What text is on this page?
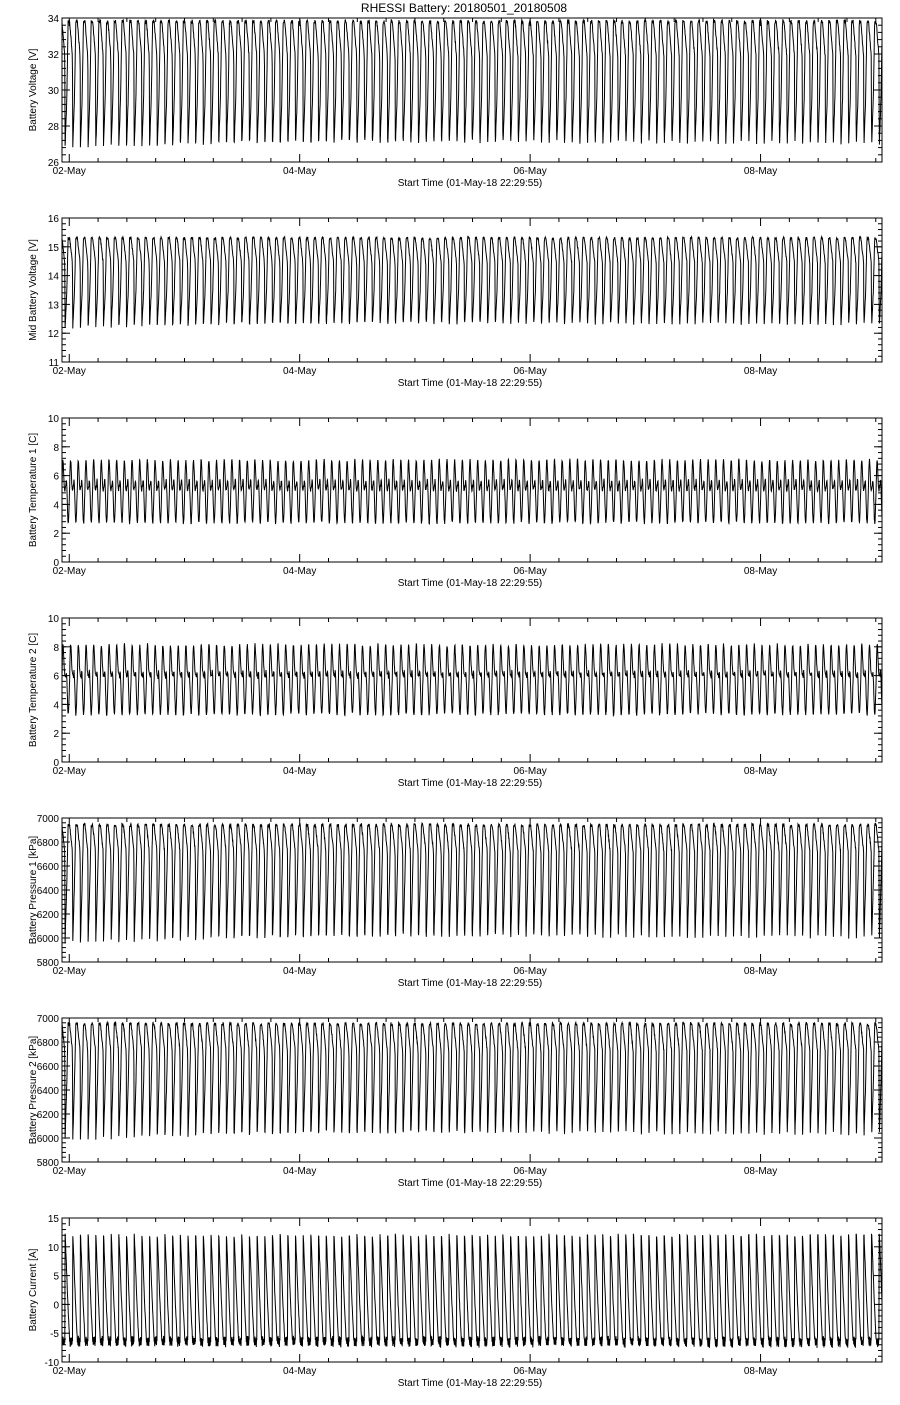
RHESSI Battery: 20180501_20180508
26
28
30
32
34
02-May	04-May	06-May	08-May
Start Time (01-May-18 22:29:55)
Battery Voltage [V]
11
12
13
14
15
16
02-May	04-May	06-May	08-May
Start Time (01-May-18 22:29:55)
Mid Battery Voltage [V]
0
2
4
6
8
10
02-May	04-May	06-May	08-May
Start Time (01-May-18 22:29:55)
Battery Temperature 1 [C]
0
2
4
6
8
10
02-May	04-May	06-May	08-May
Start Time (01-May-18 22:29:55)
Battery Temperature 2 [C]
5800
6000
6200
6400
6600
6800
7000
02-May	04-May	06-May	08-May
Start Time (01-May-18 22:29:55)
Battery Pressure 1 [kPa]
5800
6000
6200
6400
6600
6800
7000
02-May	04-May	06-May	08-May
Start Time (01-May-18 22:29:55)
Battery Pressure 2 [kPa]
-10
-5
0
5
10
15
02-May	04-May	06-May	08-May
Start Time (01-May-18 22:29:55)
Battery Current [A]
